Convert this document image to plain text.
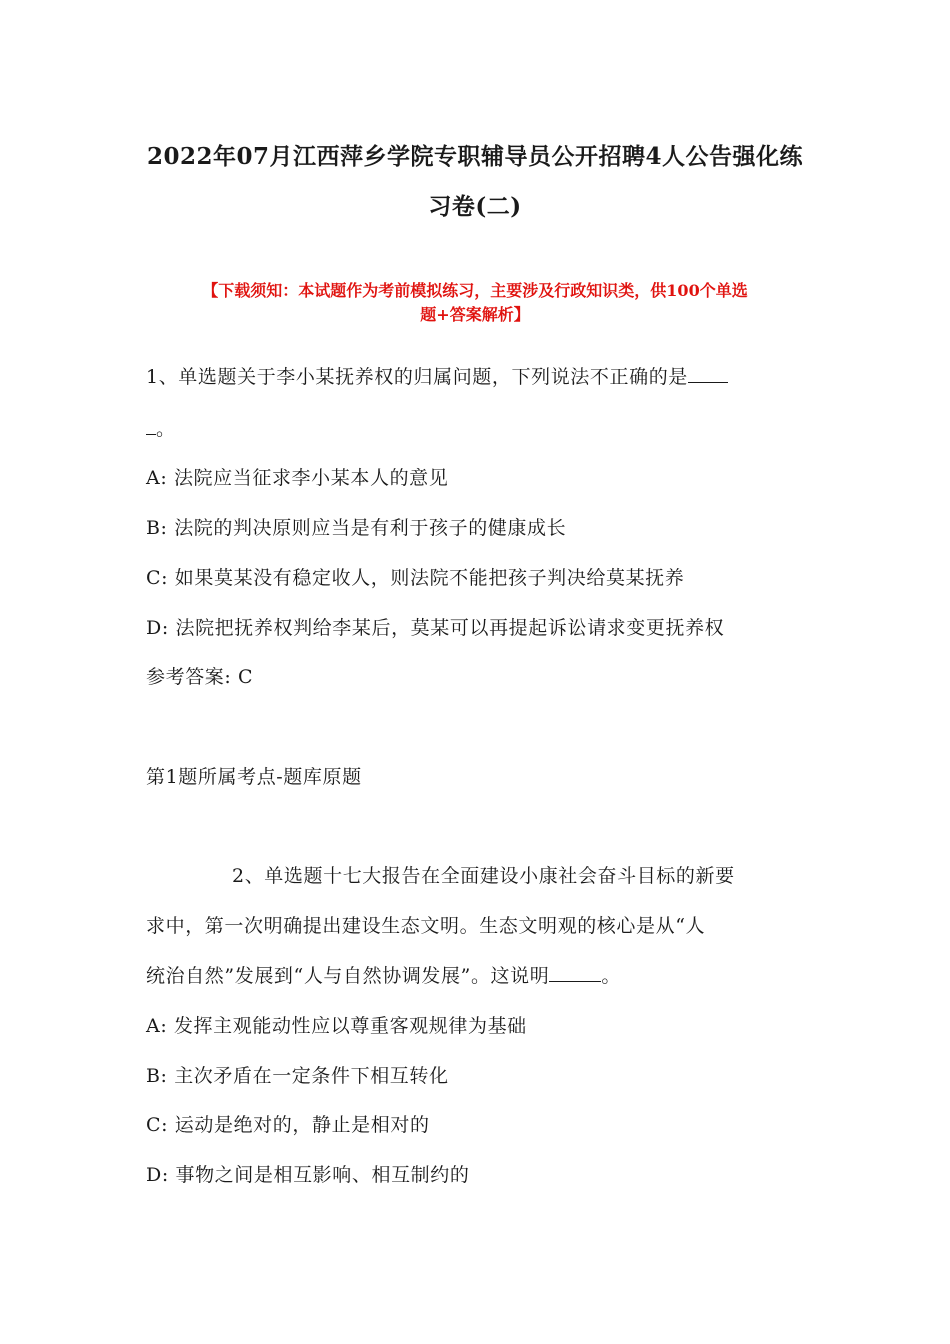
2022年07月江西萍乡学院专职辅导员公开招聘4人公告强化练
习卷(二)
【下载须知：本试题作为考前模拟练习，主要涉及行政知识类，供100个单选
题+答案解析】
1、单选题关于李小某抚养权的归属问题，下列说法不正确的是
。
A: 法院应当征求李小某本人的意见
B: 法院的判决原则应当是有利于孩子的健康成长
C: 如果莫某没有稳定收人，则法院不能把孩子判决给莫某抚养
D: 法院把抚养权判给李某后，莫某可以再提起诉讼请求变更抚养权
参考答案: C
第1题所属考点-题库原题
2、单选题十七大报告在全面建设小康社会奋斗目标的新要
求中，第一次明确提出建设生态文明。生态文明观的核心是从“人
统治自然”发展到“人与自然协调发展”。这说明	。
A: 发挥主观能动性应以尊重客观规律为基础
B: 主次矛盾在一定条件下相互转化
C: 运动是绝对的，静止是相对的
D: 事物之间是相互影响、相互制约的
